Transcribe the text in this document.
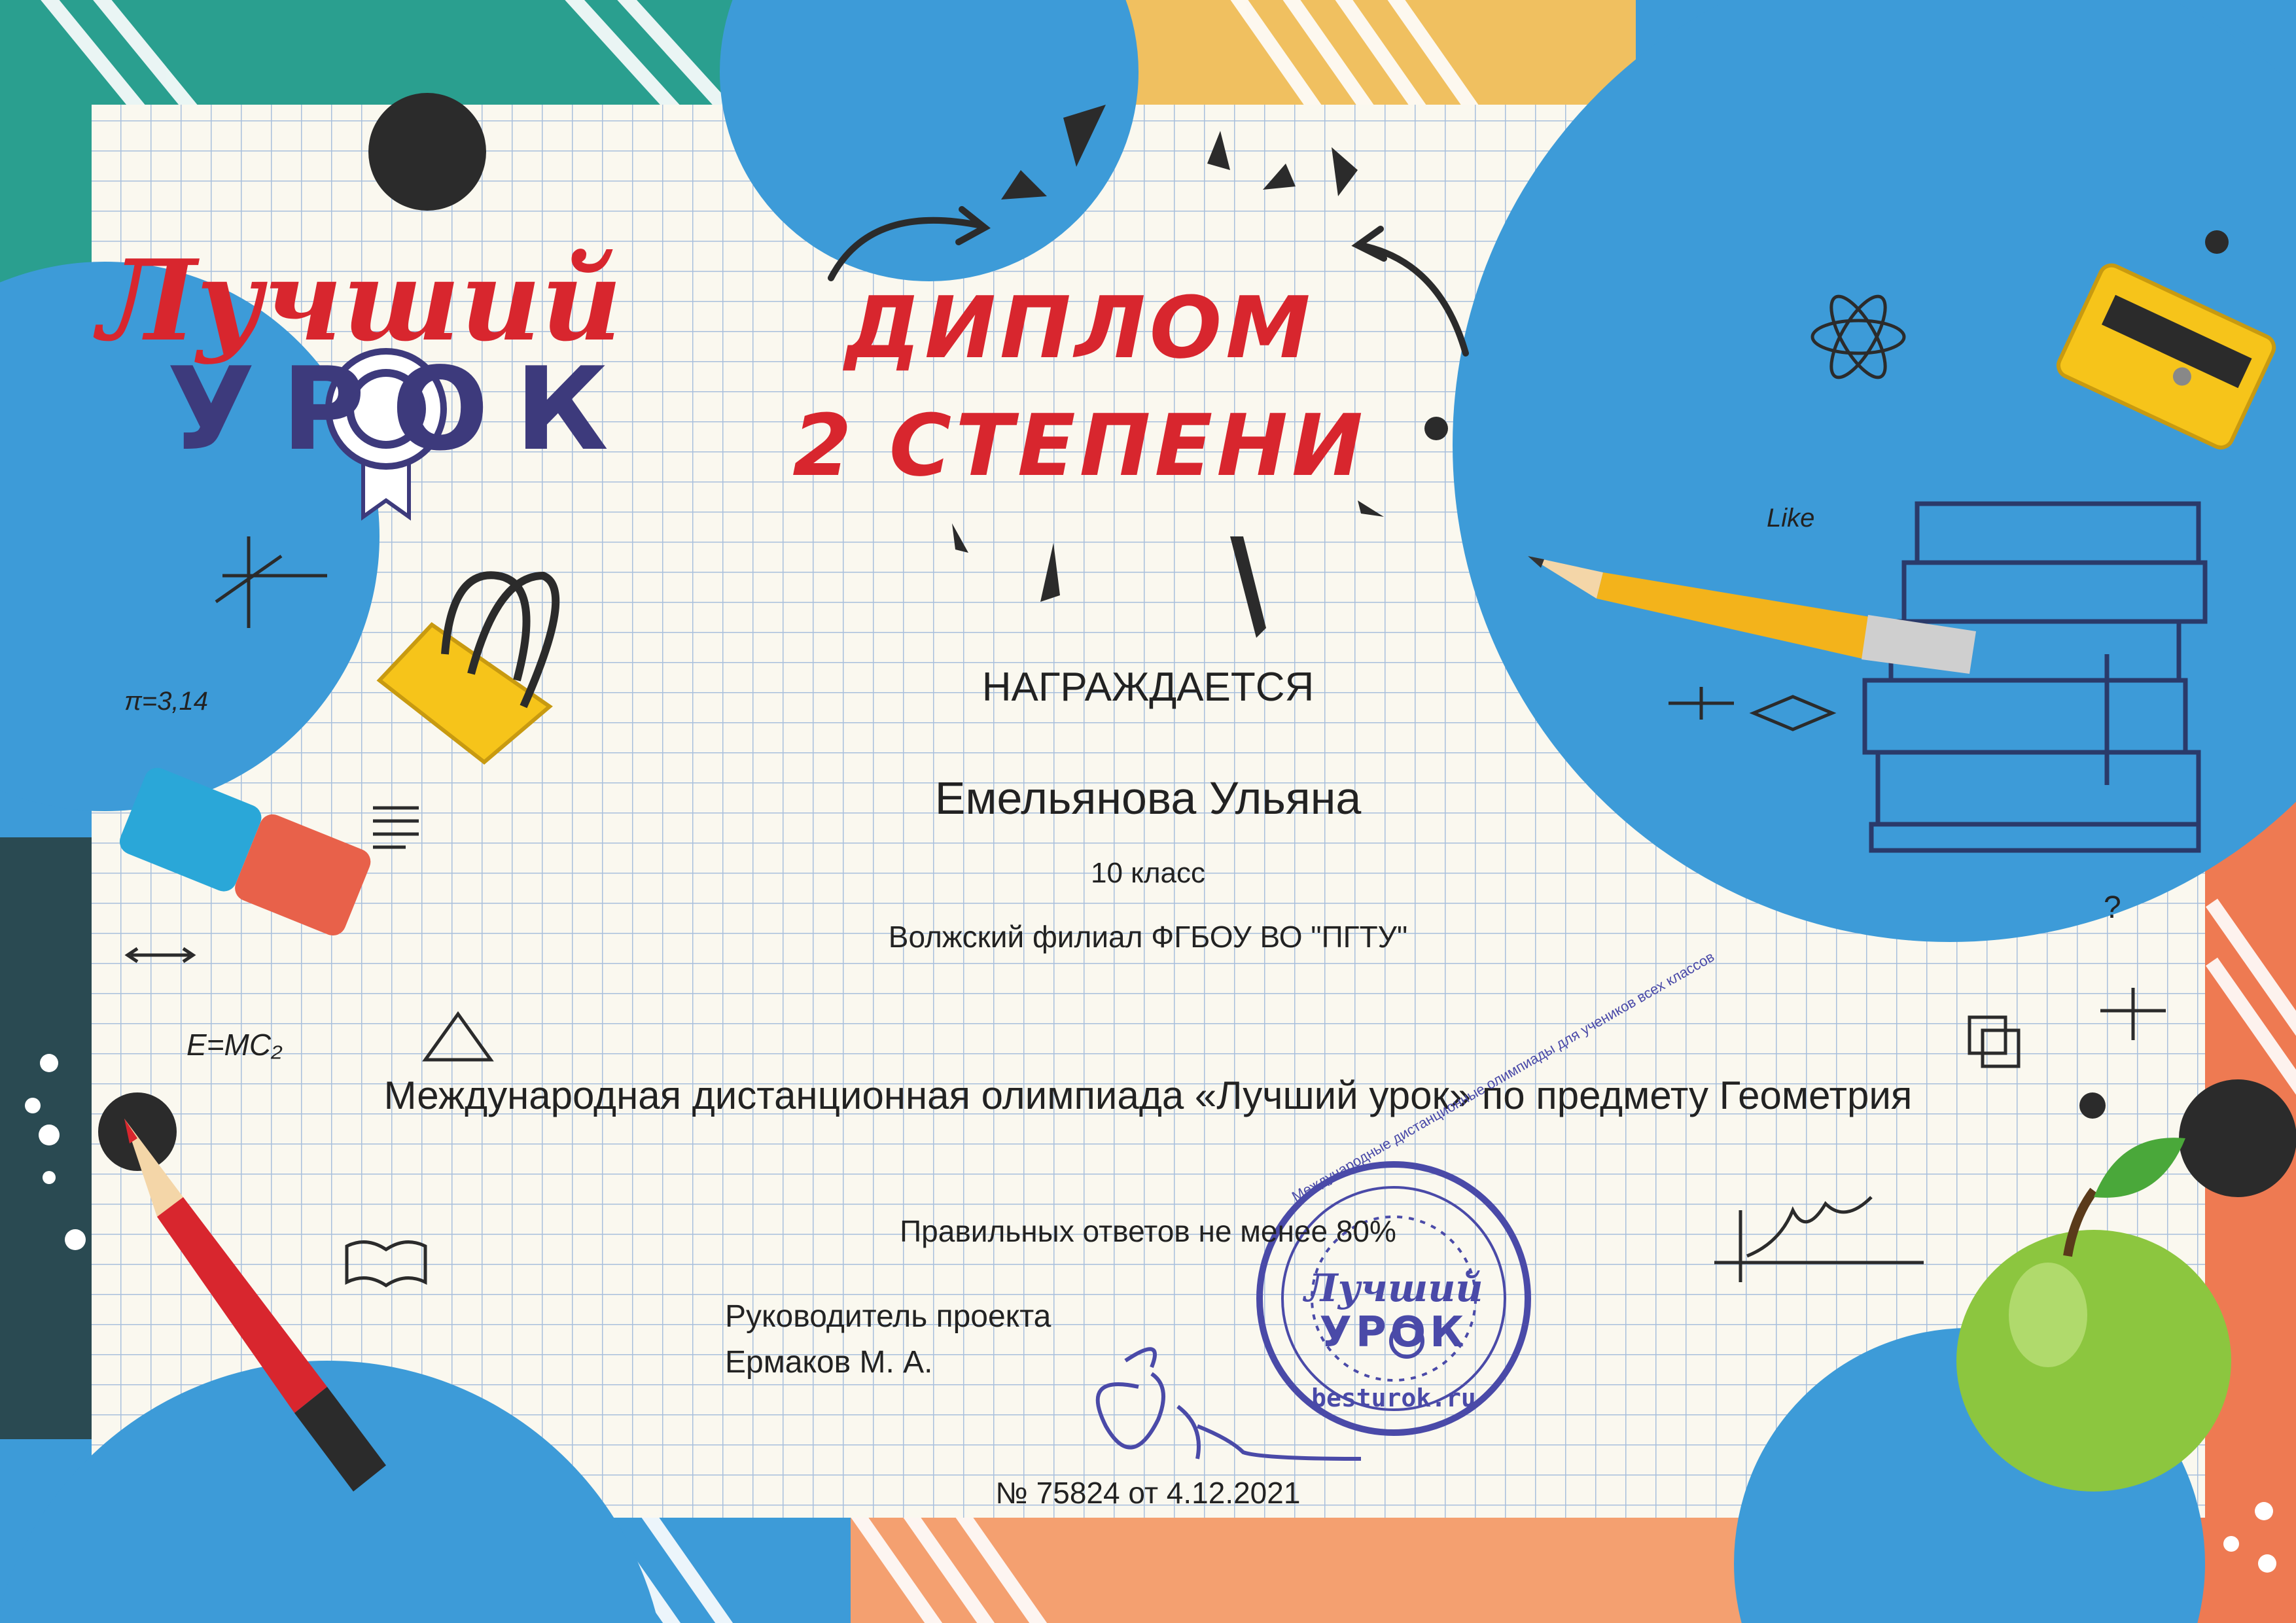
Лучший
УРОК
ДИПЛОМ
2 СТЕПЕНИ
НАГРАЖДАЕТСЯ
Емельянова Ульяна
10 класс
Волжский филиал ФГБОУ ВО "ПГТУ"
Международная дистанционная олимпиада «Лучший урок» по предмету Геометрия
Правильных ответов не менее 80%
Руководитель проекта
Ермаков М. А.
Международные дистанционные олимпиады для учеников всех классов
Лучший
УРОК
besturok.ru
π=3,14
E=MC₂
Like
?
№ 75824 от 4.12.2021
